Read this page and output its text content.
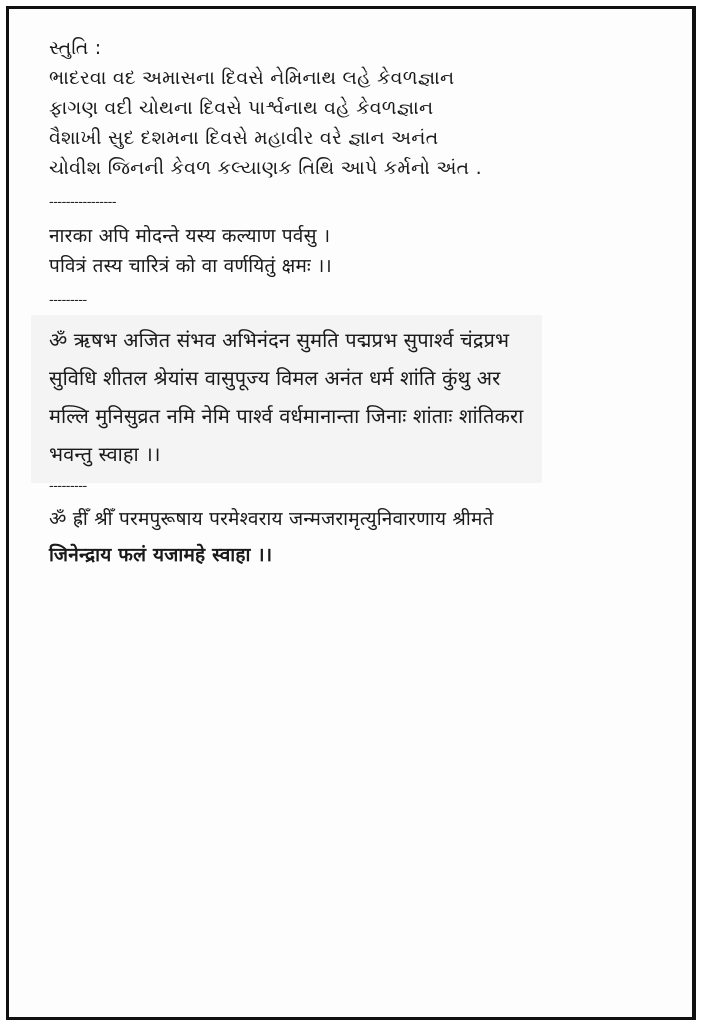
સ્તુતિ :
ભાદરવા વદ અમાસના દિવસે નેમિનાથ લહે કેવળજ્ઞાન
ફાગણ વદી ચોથના દિવસે પાર્શ્વનાથ વહે કેવળજ્ઞાન
વૈશાખી સુદ દશમના દિવસે મહાવીર વરે જ્ઞાન અનંત
ચોવીશ જિનની કેવળ કલ્યાણક તિથિ આપે કર્મનો અંત .
----------------
नारका अपि मोदन्ते यस्य कल्याण पर्वसु ।
पवित्रं तस्य चारित्रं को वा वर्णयितुं क्षमः ।।
---------
ॐ ऋषभ अजित संभव अभिनंदन सुमति पद्मप्रभ सुपार्श्व चंद्रप्रभ
सुविधि शीतल श्रेयांस वासुपूज्य विमल अनंत धर्म शांति कुंथु अर
मल्लि मुनिसुव्रत नमि नेमि पार्श्व वर्धमानान्ता जिनाः शांताः शांतिकरा
भवन्तु स्वाहा ।।
---------
ॐ ह्रीँ श्रीँ परमपुरूषाय परमेश्वराय जन्मजरामृत्युनिवारणाय श्रीमते
जिनेन्द्राय फलं यजामहे स्वाहा ।।
